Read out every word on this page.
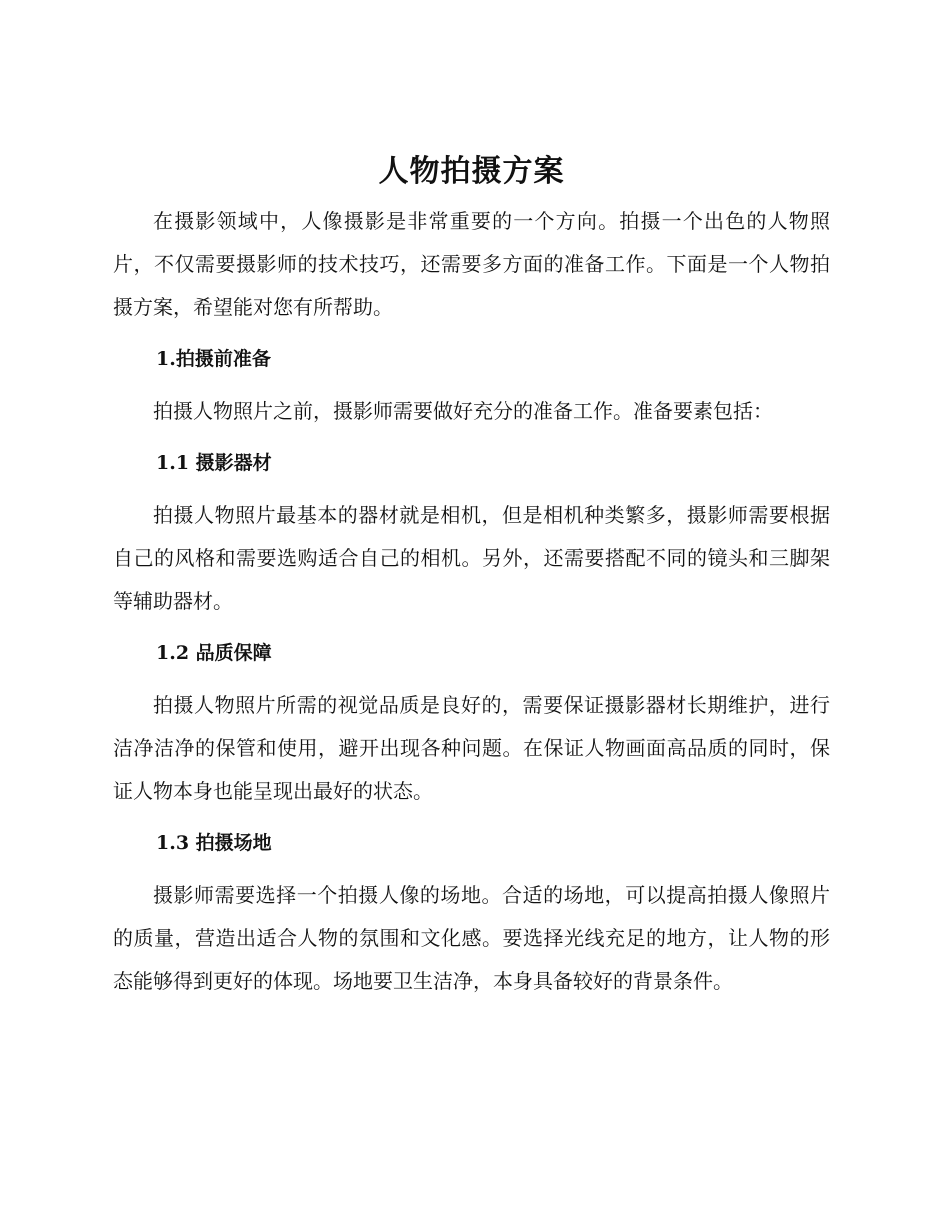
人物拍摄方案

在摄影领域中，人像摄影是非常重要的一个方向。拍摄一个出色的人物照片，不仅需要摄影师的技术技巧，还需要多方面的准备工作。下面是一个人物拍摄方案，希望能对您有所帮助。

1.拍摄前准备

拍摄人物照片之前，摄影师需要做好充分的准备工作。准备要素包括：

1.1 摄影器材

拍摄人物照片最基本的器材就是相机，但是相机种类繁多，摄影师需要根据自己的风格和需要选购适合自己的相机。另外，还需要搭配不同的镜头和三脚架等辅助器材。

1.2 品质保障

拍摄人物照片所需的视觉品质是良好的，需要保证摄影器材长期维护，进行洁净洁净的保管和使用，避开出现各种问题。在保证人物画面高品质的同时，保证人物本身也能呈现出最好的状态。

1.3 拍摄场地

摄影师需要选择一个拍摄人像的场地。合适的场地，可以提高拍摄人像照片的质量，营造出适合人物的氛围和文化感。要选择光线充足的地方，让人物的形态能够得到更好的体现。场地要卫生洁净，本身具备较好的背景条件。
